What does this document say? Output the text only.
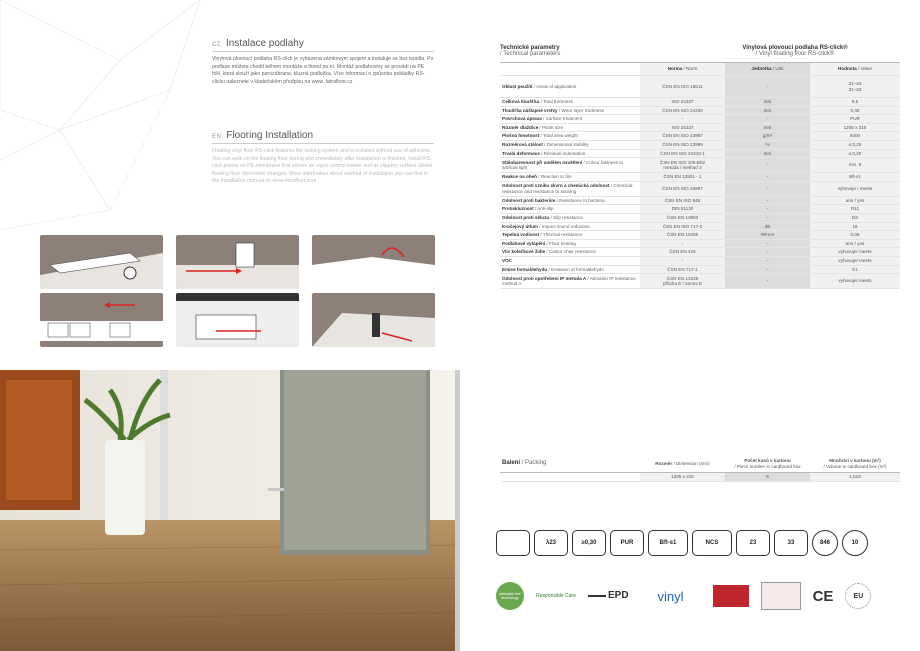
CZ Instalace podlahy
Vinylová plovoucí podlaha RS-click je vybavena zámkovým spojem a instaluje se bez lepidla. Po podlaze můžete chodit během montáže a ihned po ní. Montáž podlahoviny se provádí na PE fólii, která slouží jako parozábrana, kluzná podložka. Více informací o způsobu pokládky RS-clicku naleznete v kladečském předpisu na www. fatrafloor.cz
EN Flooring Installation
Floating vinyl floor RS-click features the locking system and is installed without use of adhesive. You can walk on the floating floor during and immediately after installation is finished. Install RS-click planks on PE membrane that serves as vapor control barrier and its slippery surface allows floating floor dimension changes. More information about method of installation you can find in the Installation manual on www.fatrafloor.com
Technické parametry
/ Technical parameters
Vinylová plovoucí podlaha RS-click®
/ Vinyl floating floor RS-click®
	Norma / Norm	Jednotka / Unit	Hodnota / Value
Oblast použití / Areas of application	ČSN EN ISO 16511	-	21–23
31–33
Celková tloušťka / Total thickness	ISO 24337	mm	9,5
Tloušťka nášlapné vrstvy / Wear layer thickness	ČSN EN ISO 24340	mm	0,40
Povrchová úprava / Surface treatment	-	-	PUR
Rozměr dlaždice / Plank size	ISO 24337	mm	1205 x 210
Plošná hmotnost / Total area weight	ČSN EN ISO 23997	g/m²	9300
Rozměrová stálost / Dimensional stability	ČSN EN ISO 23999	%	≤ 0,25
Trvalá deformace / Residual indentation	ČSN EN ISO 24343-1	mm	≤ 0,20
Stálobarevnost při umělém osvětlení / Colour fastness to artificial light	ČSN EN ISO 105-B02
metoda / method 3	-	min. 6
Reakce na oheň / Reaction to fire	ČSN EN 13501 - 1	-	Bfl-s1
Odolnost proti vzniku skvrn a chemická odolnost / Chemical resistance and resistance to staining	ČSN EN ISO 26987	-	vyhovuje / meets
Odolnost proti bakteriím / Resistance to bacteria	ČSN EN ISO 846	-	ano / yes
Protiskluznost / Anti-slip	DIN 51130	-	R11
Odolnost proti skluzu / Slip resistance	ČSN EN 13893	-	DS
Kročejový útlum / Impact sound reduction	ČSN EN ISO 717-2	dB	16
Tepelná vodivost / Thermal resistance	ČSN EN 10456	W/m.K	0,05
Podlahové vytápění / Floor heating	-	-	ano / yes
Vliv kolečkové židle / Castor chair resistance	ČSN EN 425	-	vyhovuje/ meets
VOC	-	-	vyhovuje/ meets
Emise formaldehydu / Emission of formaldehyde	ČSN EN 717-1	-	E1
Odolnost proti opotřebení IP metoda A / Abrasion IP resistance method A	ČSN EN 13329
příloha E / annex E	-	vyhovuje/ meets
Balení / Packing	Rozměr / Dimension (mm)	Počet kusů v kartonu
/ Piece number in cardboard box	Množství v kartonu (m²)
/ Volume in cardboard box (m²)
	1205 x 210	6	1,518
λ23	≥0,30	PUR	Bfl-s1	NCS	23	33	846	10
phthalate-free technology	Responsible Care	EPD	vinyl	CE	EU
